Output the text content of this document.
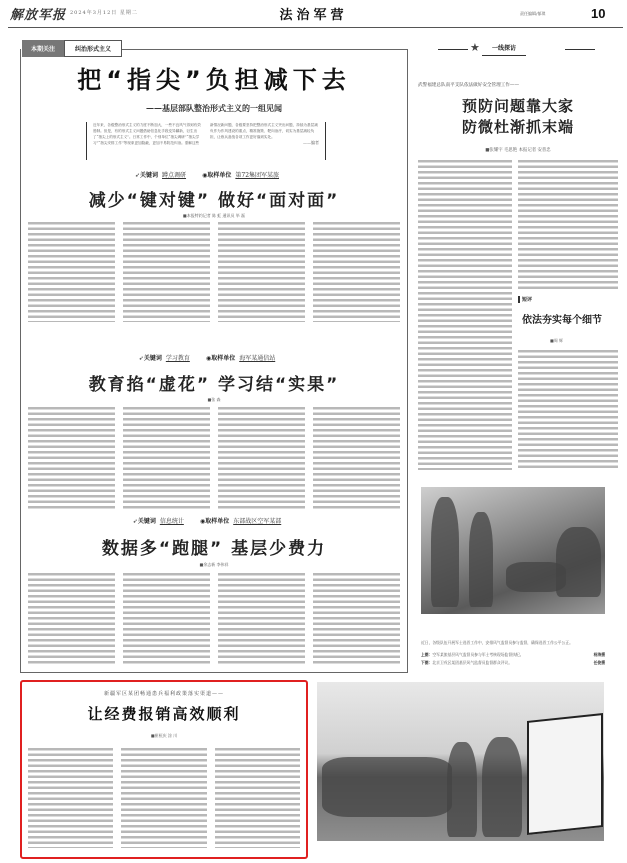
解放军报 2024年3月12日 星期二	法治军营	责任编辑/郁琪	10
本期关注	纠治形式主义
把“指尖”负担减下去
——基层部队整治形式主义的一组见闻
近年来，各级整治形式主义的力度不断加大，一些不良风气得到有效遏制。但是，有的形式主义问题借助信息化手段变异翻新，衍生出了“指尖上的形式主义”。日常工作中，个别单位“指尖调研”“指尖学习”“指尖安排工作”等现象更加隐蔽，更加不易防范纠治。需解这些新情况新问题，各级要坚持把整治形式主义突出问题，持续为基层减负作为作风建设的重点，精准施策、靶向治疗，切实为基层减轻负担，让练兵备战各项工作更好落到实处。
——编者
➶关键词 蹲点调研	◉取样单位 第72集团军某旅
减少“键对键” 做好“面对面”
■本报特约记者 陈 虹 通讯员 毕 磊
➶关键词 学习教育	◉取样单位 海军某通信站
教育掐“虚花” 学习结“实果”
■张 森
➶关键词 信息统计	◉取样单位 东部战区空军某部
数据多“跑腿” 基层少费力
■余志新 李伟祥
新疆军区某团畅通患兵福利政策落实渠道——
让经费报销高效顺利
■崔桓庆 涂 川
★ 一线探访
武警福建总队南平支队依法做好安全管理工作——
预防问题靠大家
防微杜渐抓末端
■张耀宇 毛思艳 本报记者 安普忠
短评
依法夯实每个细节
■周 辉
近日，各级队伍开展军士选晋工作中，安排风气监督员参与监督，确保选晋工作公平公正。
上图：空军某旅基层风气监督员参与军士考核现场监督执纪。	杨涛摄
下图：北京卫戍区某团基层风气监督员监督群众评议。	任俊摄
